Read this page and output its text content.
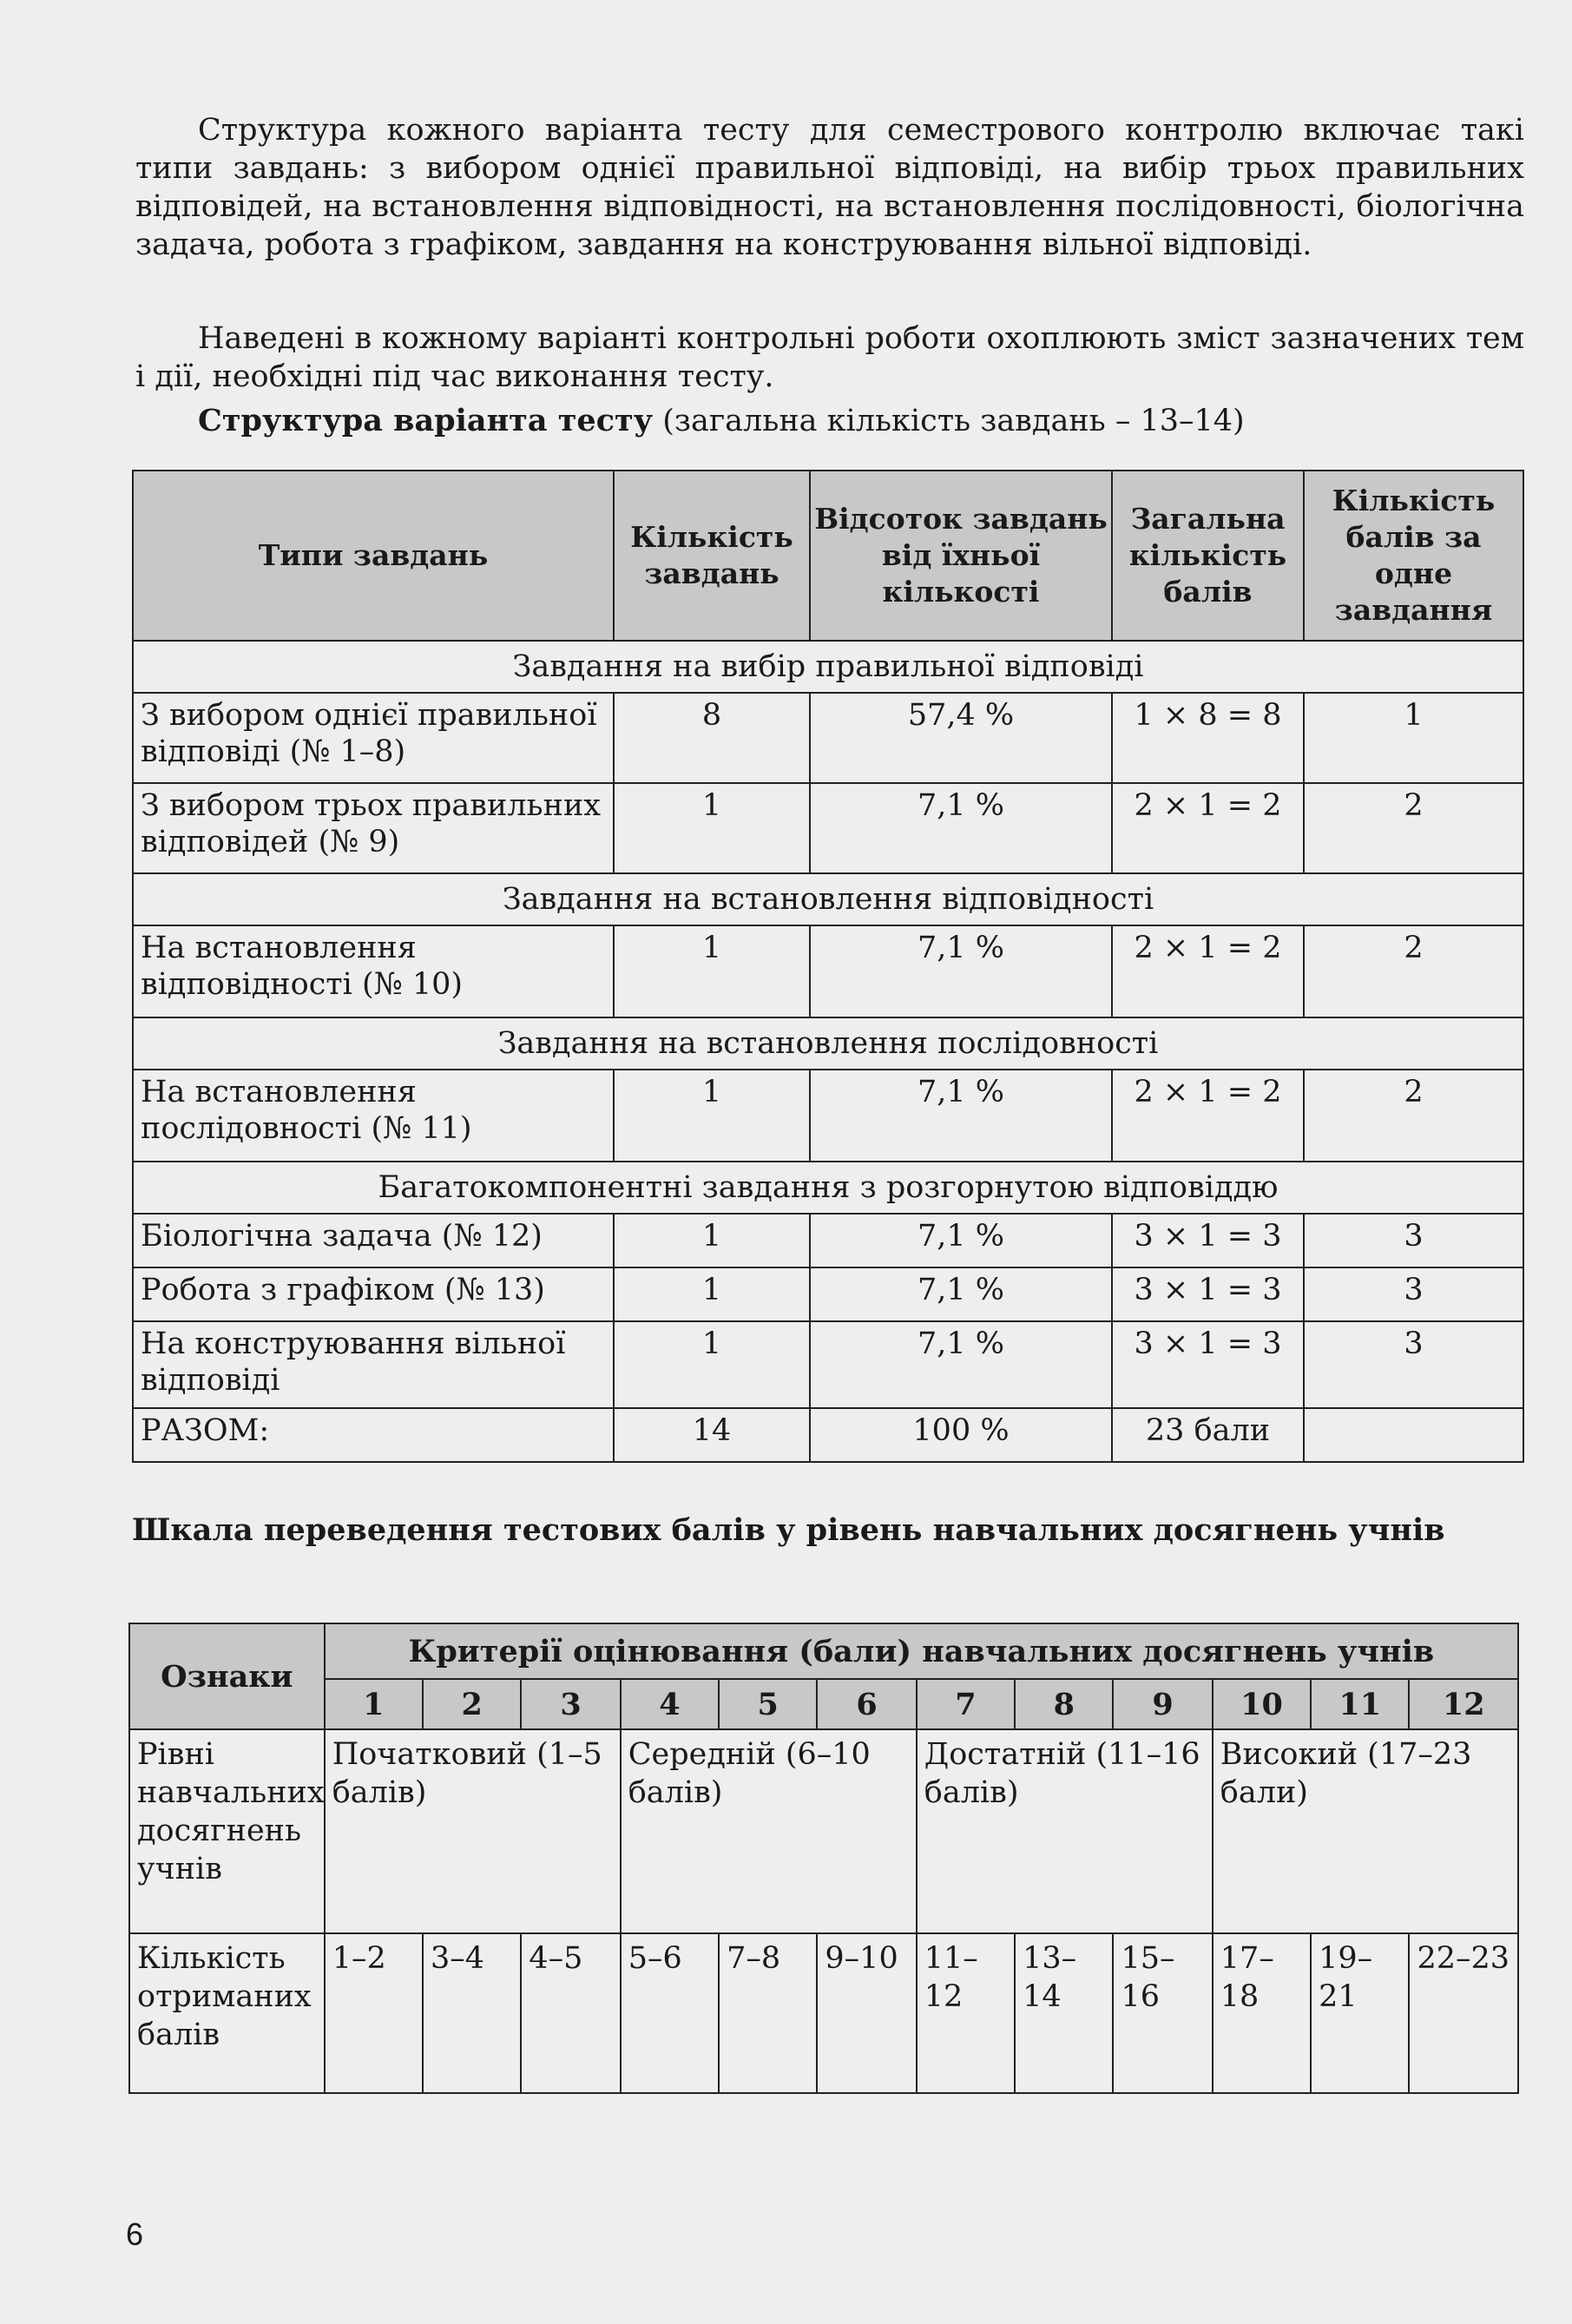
Структура кожного варіанта тесту для семестрового контролю включає такі типи завдань: з вибором однієї правильної відповіді, на вибір трьох правильних відповідей, на встановлення відповідності, на встановлення послідовності, біологічна задача, робота з графіком, завдання на конструювання вільної відповіді.
Наведені в кожному варіанті контрольні роботи охоплюють зміст зазначених тем і дії, необхідні під час виконання тесту.
Структура варіанта тесту (загальна кількість завдань – 13–14)
Типи завдань	Кількість завдань	Відсоток завдань від їхньої кількості	Загальна кількість балів	Кількість балів за одне завдання
Завдання на вибір правильної відповіді				
З вибором однієї правильної відповіді (№ 1–8)	8	57,4 %	1 × 8 = 8	1
З вибором трьох правильних відповідей (№ 9)	1	7,1 %	2 × 1 = 2	2
Завдання на встановлення відповідності				
На встановлення відповідності (№ 10)	1	7,1 %	2 × 1 = 2	2
Завдання на встановлення послідовності				
На встановлення послідовності (№ 11)	1	7,1 %	2 × 1 = 2	2
Багатокомпонентні завдання з розгорнутою відповіддю				
Біологічна задача (№ 12)	1	7,1 %	3 × 1 = 3	3
Робота з графіком (№ 13)	1	7,1 %	3 × 1 = 3	3
На конструювання вільної відповіді	1	7,1 %	3 × 1 = 3	3
РАЗОМ:	14	100 %	23 бали	
Шкала переведення тестових балів у рівень навчальних досягнень учнів
Ознаки	Критерії оцінювання (бали) навчальних досягнень учнів											
	1	2	3	4	5	6	7	8	9	10	11	12
Рівні навчальних досягнень учнів	Початковий (1–5 балів)			Середній (6–10 балів)			Достатній (11–16 балів)			Високий (17–23 бали)		
Кількість отриманих балів	1–2	3–4	4–5	5–6	7–8	9–10	11–12	13–14	15–16	17–18	19–21	22–23
6
